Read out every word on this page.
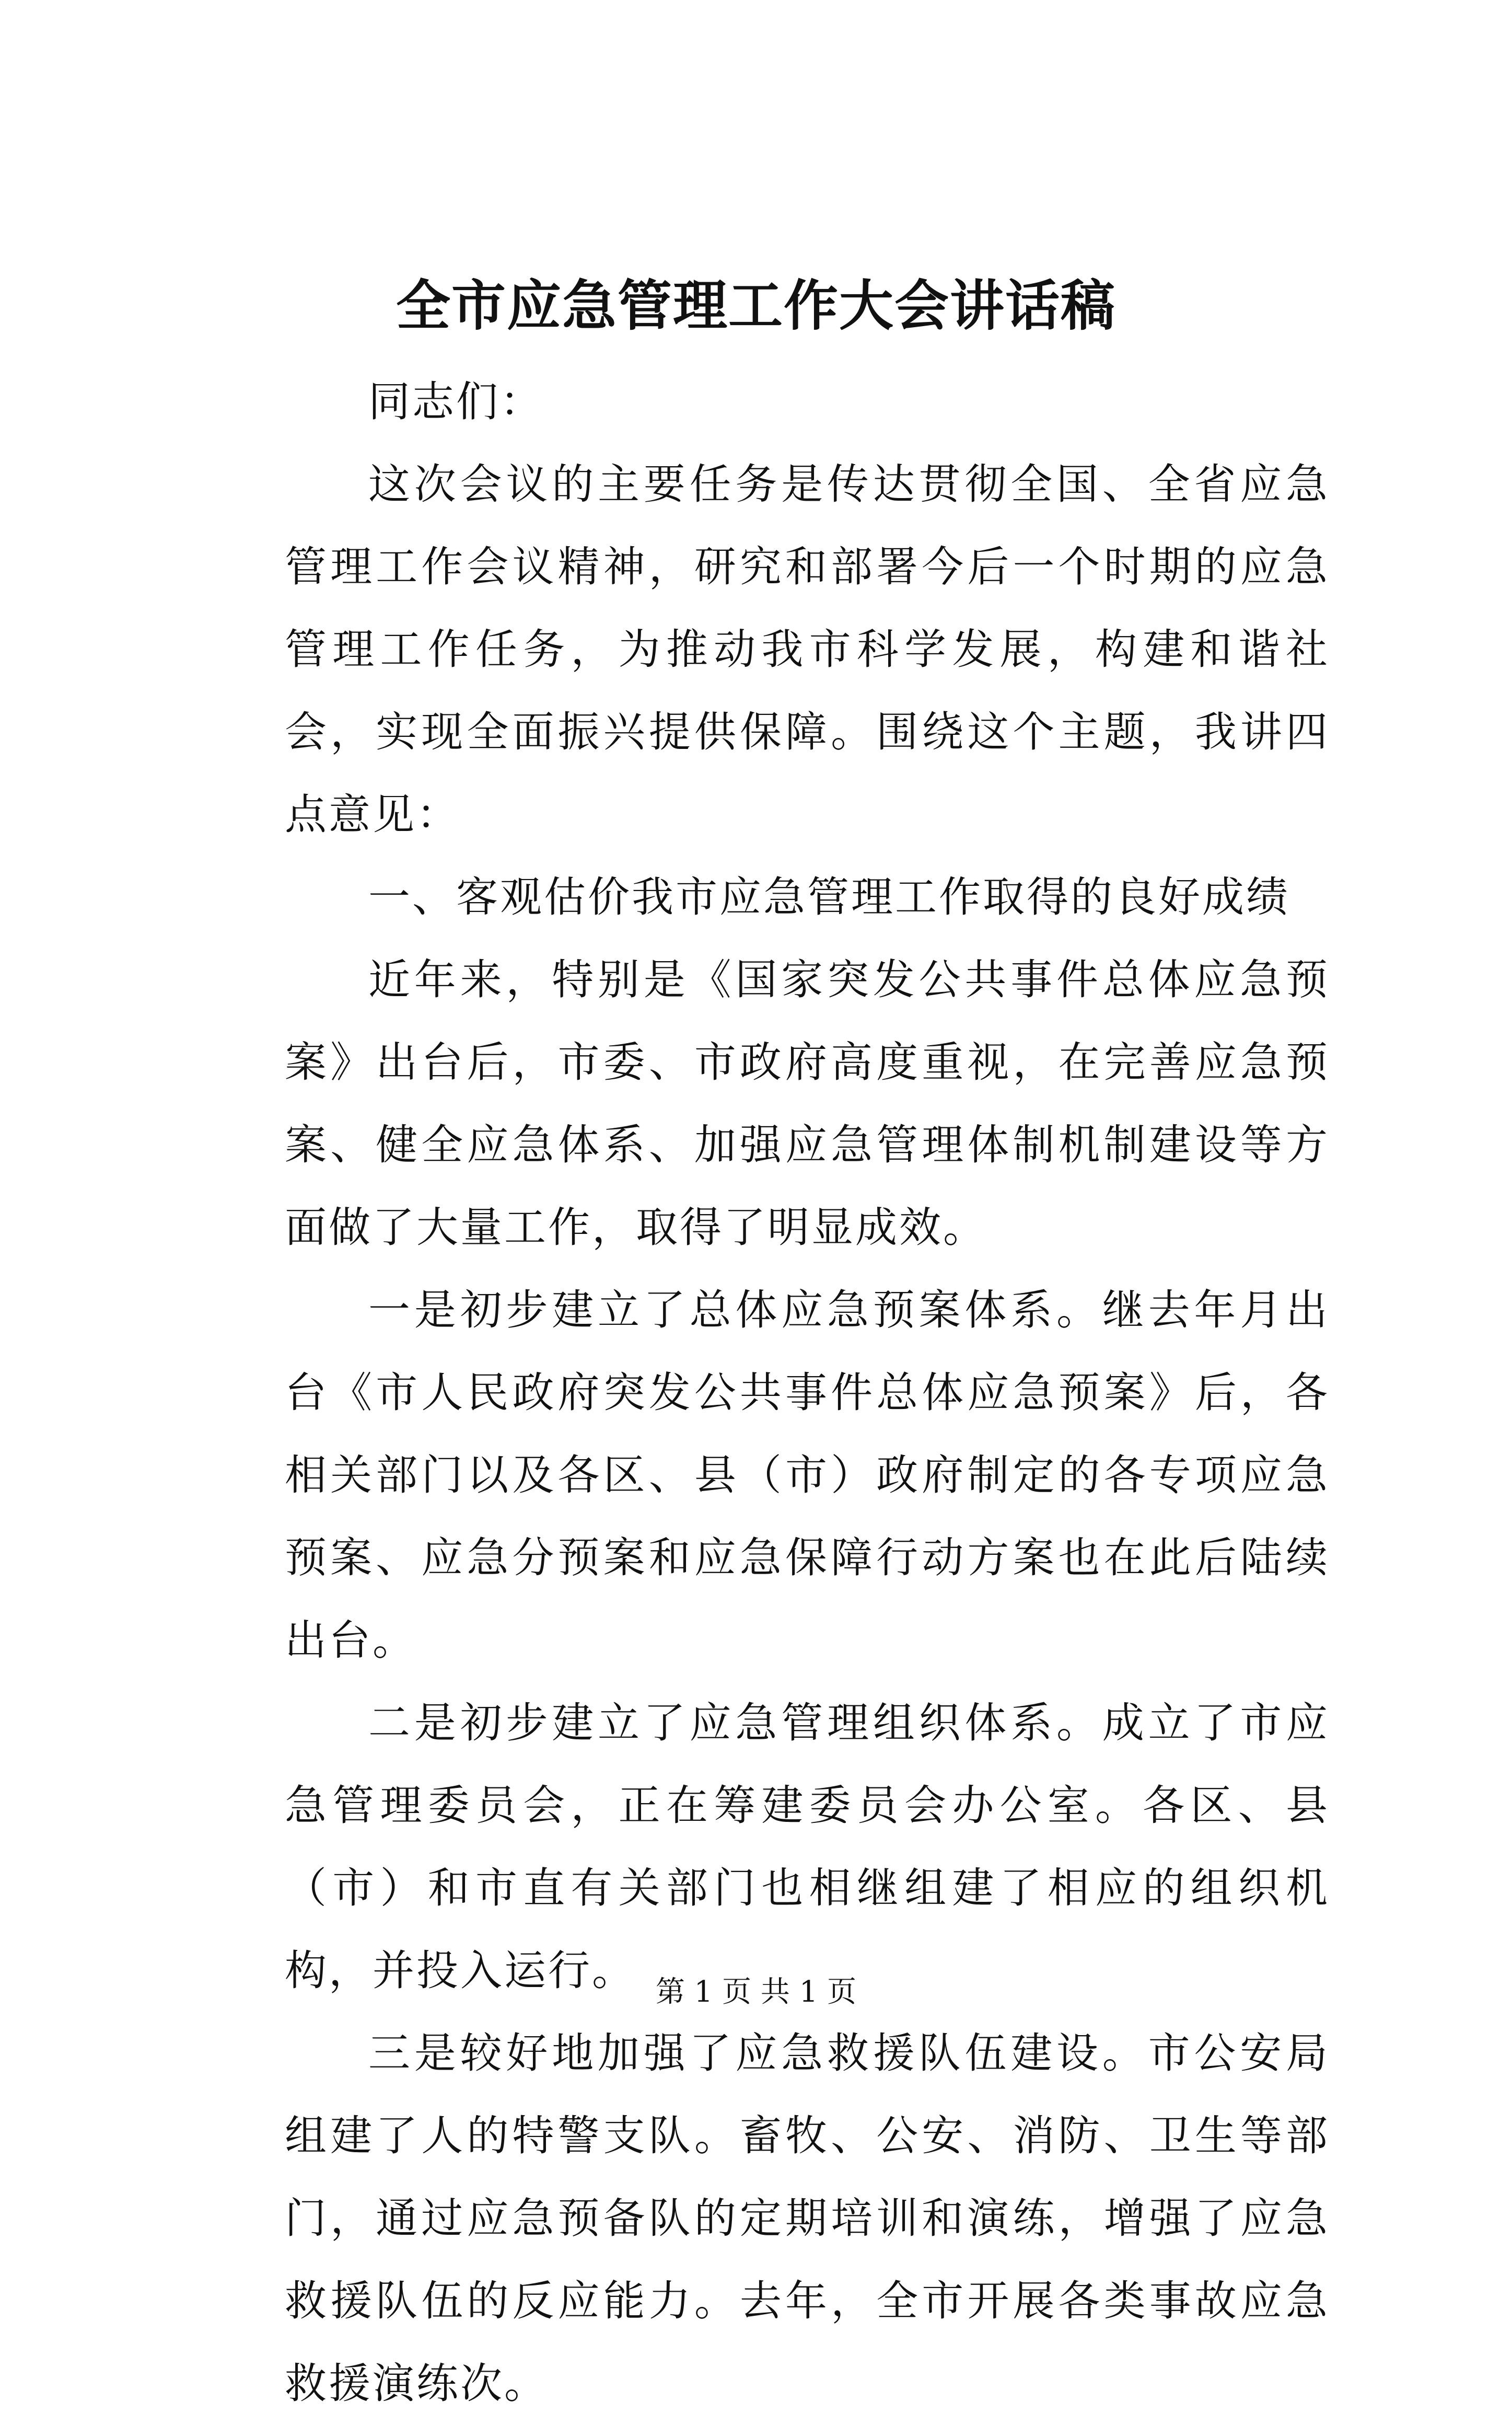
全市应急管理工作大会讲话稿

同志们：

这次会议的主要任务是传达贯彻全国、全省应急管理工作会议精神，研究和部署今后一个时期的应急管理工作任务，为推动我市科学发展，构建和谐社会，实现全面振兴提供保障。围绕这个主题，我讲四点意见：

一、客观估价我市应急管理工作取得的良好成绩

近年来，特别是《国家突发公共事件总体应急预案》出台后，市委、市政府高度重视，在完善应急预案、健全应急体系、加强应急管理体制机制建设等方面做了大量工作，取得了明显成效。

一是初步建立了总体应急预案体系。继去年月出台《市人民政府突发公共事件总体应急预案》后，各相关部门以及各区、县（市）政府制定的各专项应急预案、应急分预案和应急保障行动方案也在此后陆续出台。

二是初步建立了应急管理组织体系。成立了市应急管理委员会，正在筹建委员会办公室。各区、县（市）和市直有关部门也相继组建了相应的组织机构，并投入运行。

三是较好地加强了应急救援队伍建设。市公安局组建了人的特警支队。畜牧、公安、消防、卫生等部门，通过应急预备队的定期培训和演练，增强了应急救援队伍的反应能力。去年，全市开展各类事故应急救援演练次。

第 1 页 共 1 页
